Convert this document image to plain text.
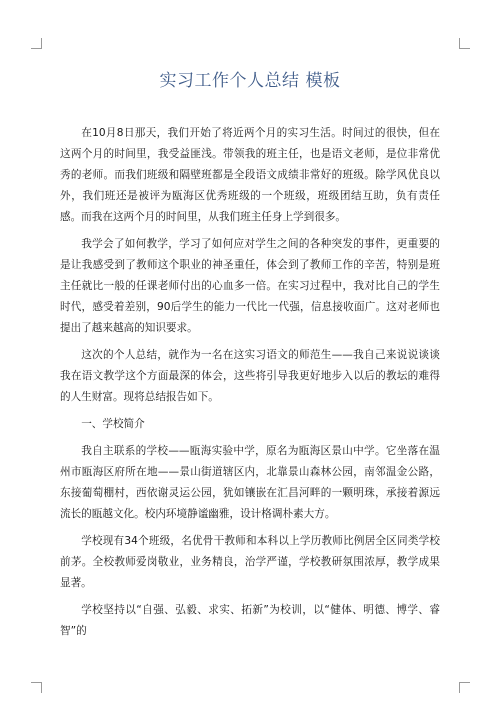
实习工作个人总结 模板

在10月8日那天，我们开始了将近两个月的实习生活。时间过的很快，但在这两个月的时间里，我受益匪浅。带领我的班主任，也是语文老师，是位非常优秀的老师。而我们班级和隔壁班都是全段语文成绩非常好的班级。除学风优良以外，我们班还是被评为瓯海区优秀班级的一个班级，班级团结互助，负有责任感。而我在这两个月的时间里，从我们班主任身上学到很多。

我学会了如何教学，学习了如何应对学生之间的各种突发的事件，更重要的是让我感受到了教师这个职业的神圣重任，体会到了教师工作的辛苦，特别是班主任就比一般的任课老师付出的心血多一倍。在实习过程中，我对比自己的学生时代，感受着差别，90后学生的能力一代比一代强，信息接收面广。这对老师也提出了越来越高的知识要求。

这次的个人总结，就作为一名在这实习语文的师范生——我自己来说说谈谈我在语文教学这个方面最深的体会，这些将引导我更好地步入以后的教坛的难得的人生财富。现将总结报告如下。

一、学校简介

我自主联系的学校——瓯海实验中学，原名为瓯海区景山中学。它坐落在温州市瓯海区府所在地——景山街道辖区内，北靠景山森林公园，南邻温金公路，东接葡萄棚村，西依谢灵运公园，犹如镶嵌在汇昌河畔的一颗明珠，承接着源远流长的瓯越文化。校内环境静谧幽雅，设计格调朴素大方。

学校现有34个班级，名优骨干教师和本科以上学历教师比例居全区同类学校前茅。全校教师爱岗敬业，业务精良，治学严谨，学校教研氛围浓厚，教学成果显著。

学校坚持以“自强、弘毅、求实、拓新”为校训，以“健体、明德、博学、睿智”的
